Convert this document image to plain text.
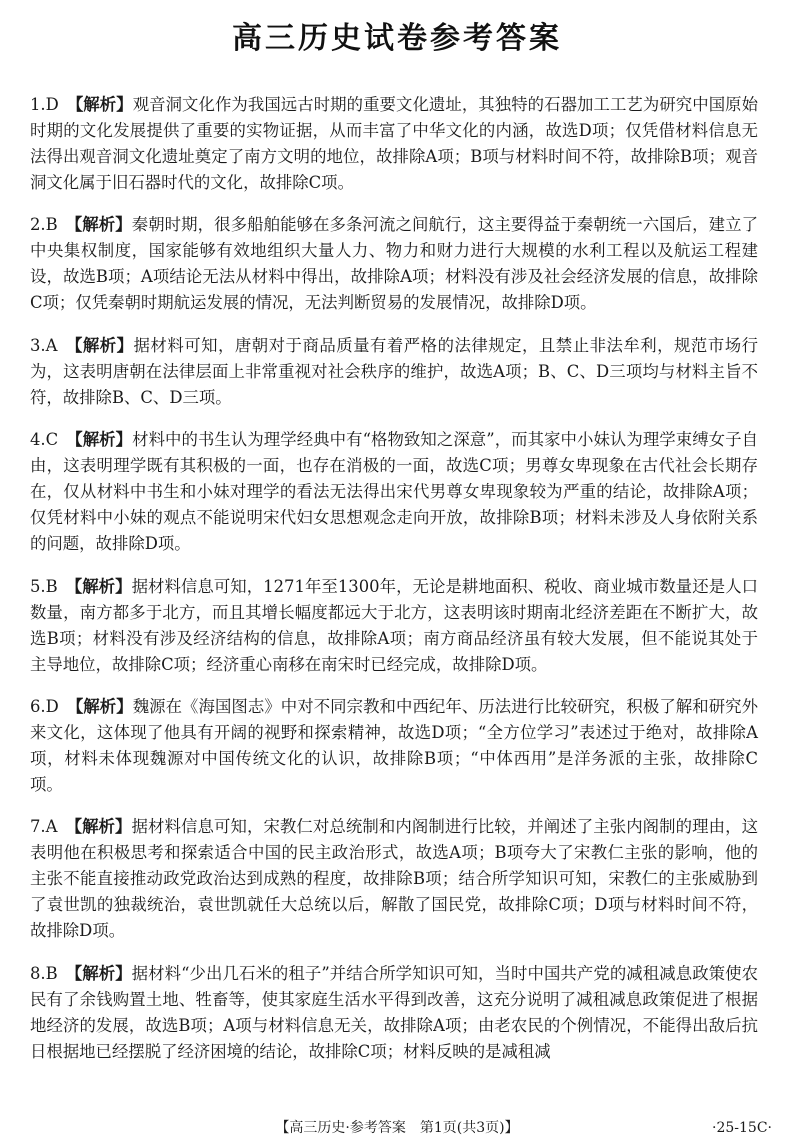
高三历史试卷参考答案

1.D 【解析】观音洞文化作为我国远古时期的重要文化遗址，其独特的石器加工工艺为研究中国原始时期的文化发展提供了重要的实物证据，从而丰富了中华文化的内涵，故选D项；仅凭借材料信息无法得出观音洞文化遗址奠定了南方文明的地位，故排除A项；B项与材料时间不符，故排除B项；观音洞文化属于旧石器时代的文化，故排除C项。

2.B 【解析】秦朝时期，很多船舶能够在多条河流之间航行，这主要得益于秦朝统一六国后，建立了中央集权制度，国家能够有效地组织大量人力、物力和财力进行大规模的水利工程以及航运工程建设，故选B项；A项结论无法从材料中得出，故排除A项；材料没有涉及社会经济发展的信息，故排除C项；仅凭秦朝时期航运发展的情况，无法判断贸易的发展情况，故排除D项。

3.A 【解析】据材料可知，唐朝对于商品质量有着严格的法律规定，且禁止非法牟利，规范市场行为，这表明唐朝在法律层面上非常重视对社会秩序的维护，故选A项；B、C、D三项均与材料主旨不符，故排除B、C、D三项。

4.C 【解析】材料中的书生认为理学经典中有“格物致知之深意”，而其家中小妹认为理学束缚女子自由，这表明理学既有其积极的一面，也存在消极的一面，故选C项；男尊女卑现象在古代社会长期存在，仅从材料中书生和小妹对理学的看法无法得出宋代男尊女卑现象较为严重的结论，故排除A项；仅凭材料中小妹的观点不能说明宋代妇女思想观念走向开放，故排除B项；材料未涉及人身依附关系的问题，故排除D项。

5.B 【解析】据材料信息可知，1271年至1300年，无论是耕地面积、税收、商业城市数量还是人口数量，南方都多于北方，而且其增长幅度都远大于北方，这表明该时期南北经济差距在不断扩大，故选B项；材料没有涉及经济结构的信息，故排除A项；南方商品经济虽有较大发展，但不能说其处于主导地位，故排除C项；经济重心南移在南宋时已经完成，故排除D项。

6.D 【解析】魏源在《海国图志》中对不同宗教和中西纪年、历法进行比较研究，积极了解和研究外来文化，这体现了他具有开阔的视野和探索精神，故选D项；“全方位学习”表述过于绝对，故排除A项，材料未体现魏源对中国传统文化的认识，故排除B项；“中体西用”是洋务派的主张，故排除C项。

7.A 【解析】据材料信息可知，宋教仁对总统制和内阁制进行比较，并阐述了主张内阁制的理由，这表明他在积极思考和探索适合中国的民主政治形式，故选A项；B项夸大了宋教仁主张的影响，他的主张不能直接推动政党政治达到成熟的程度，故排除B项；结合所学知识可知，宋教仁的主张威胁到了袁世凯的独裁统治，袁世凯就任大总统以后，解散了国民党，故排除C项；D项与材料时间不符，故排除D项。

8.B 【解析】据材料“少出几石米的租子”并结合所学知识可知，当时中国共产党的减租减息政策使农民有了余钱购置土地、牲畜等，使其家庭生活水平得到改善，这充分说明了减租减息政策促进了根据地经济的发展，故选B项；A项与材料信息无关，故排除A项；由老农民的个例情况，不能得出敌后抗日根据地已经摆脱了经济困境的结论，故排除C项；材料反映的是减租减

【高三历史·参考答案　第1页(共3页)】	·25-15C·
